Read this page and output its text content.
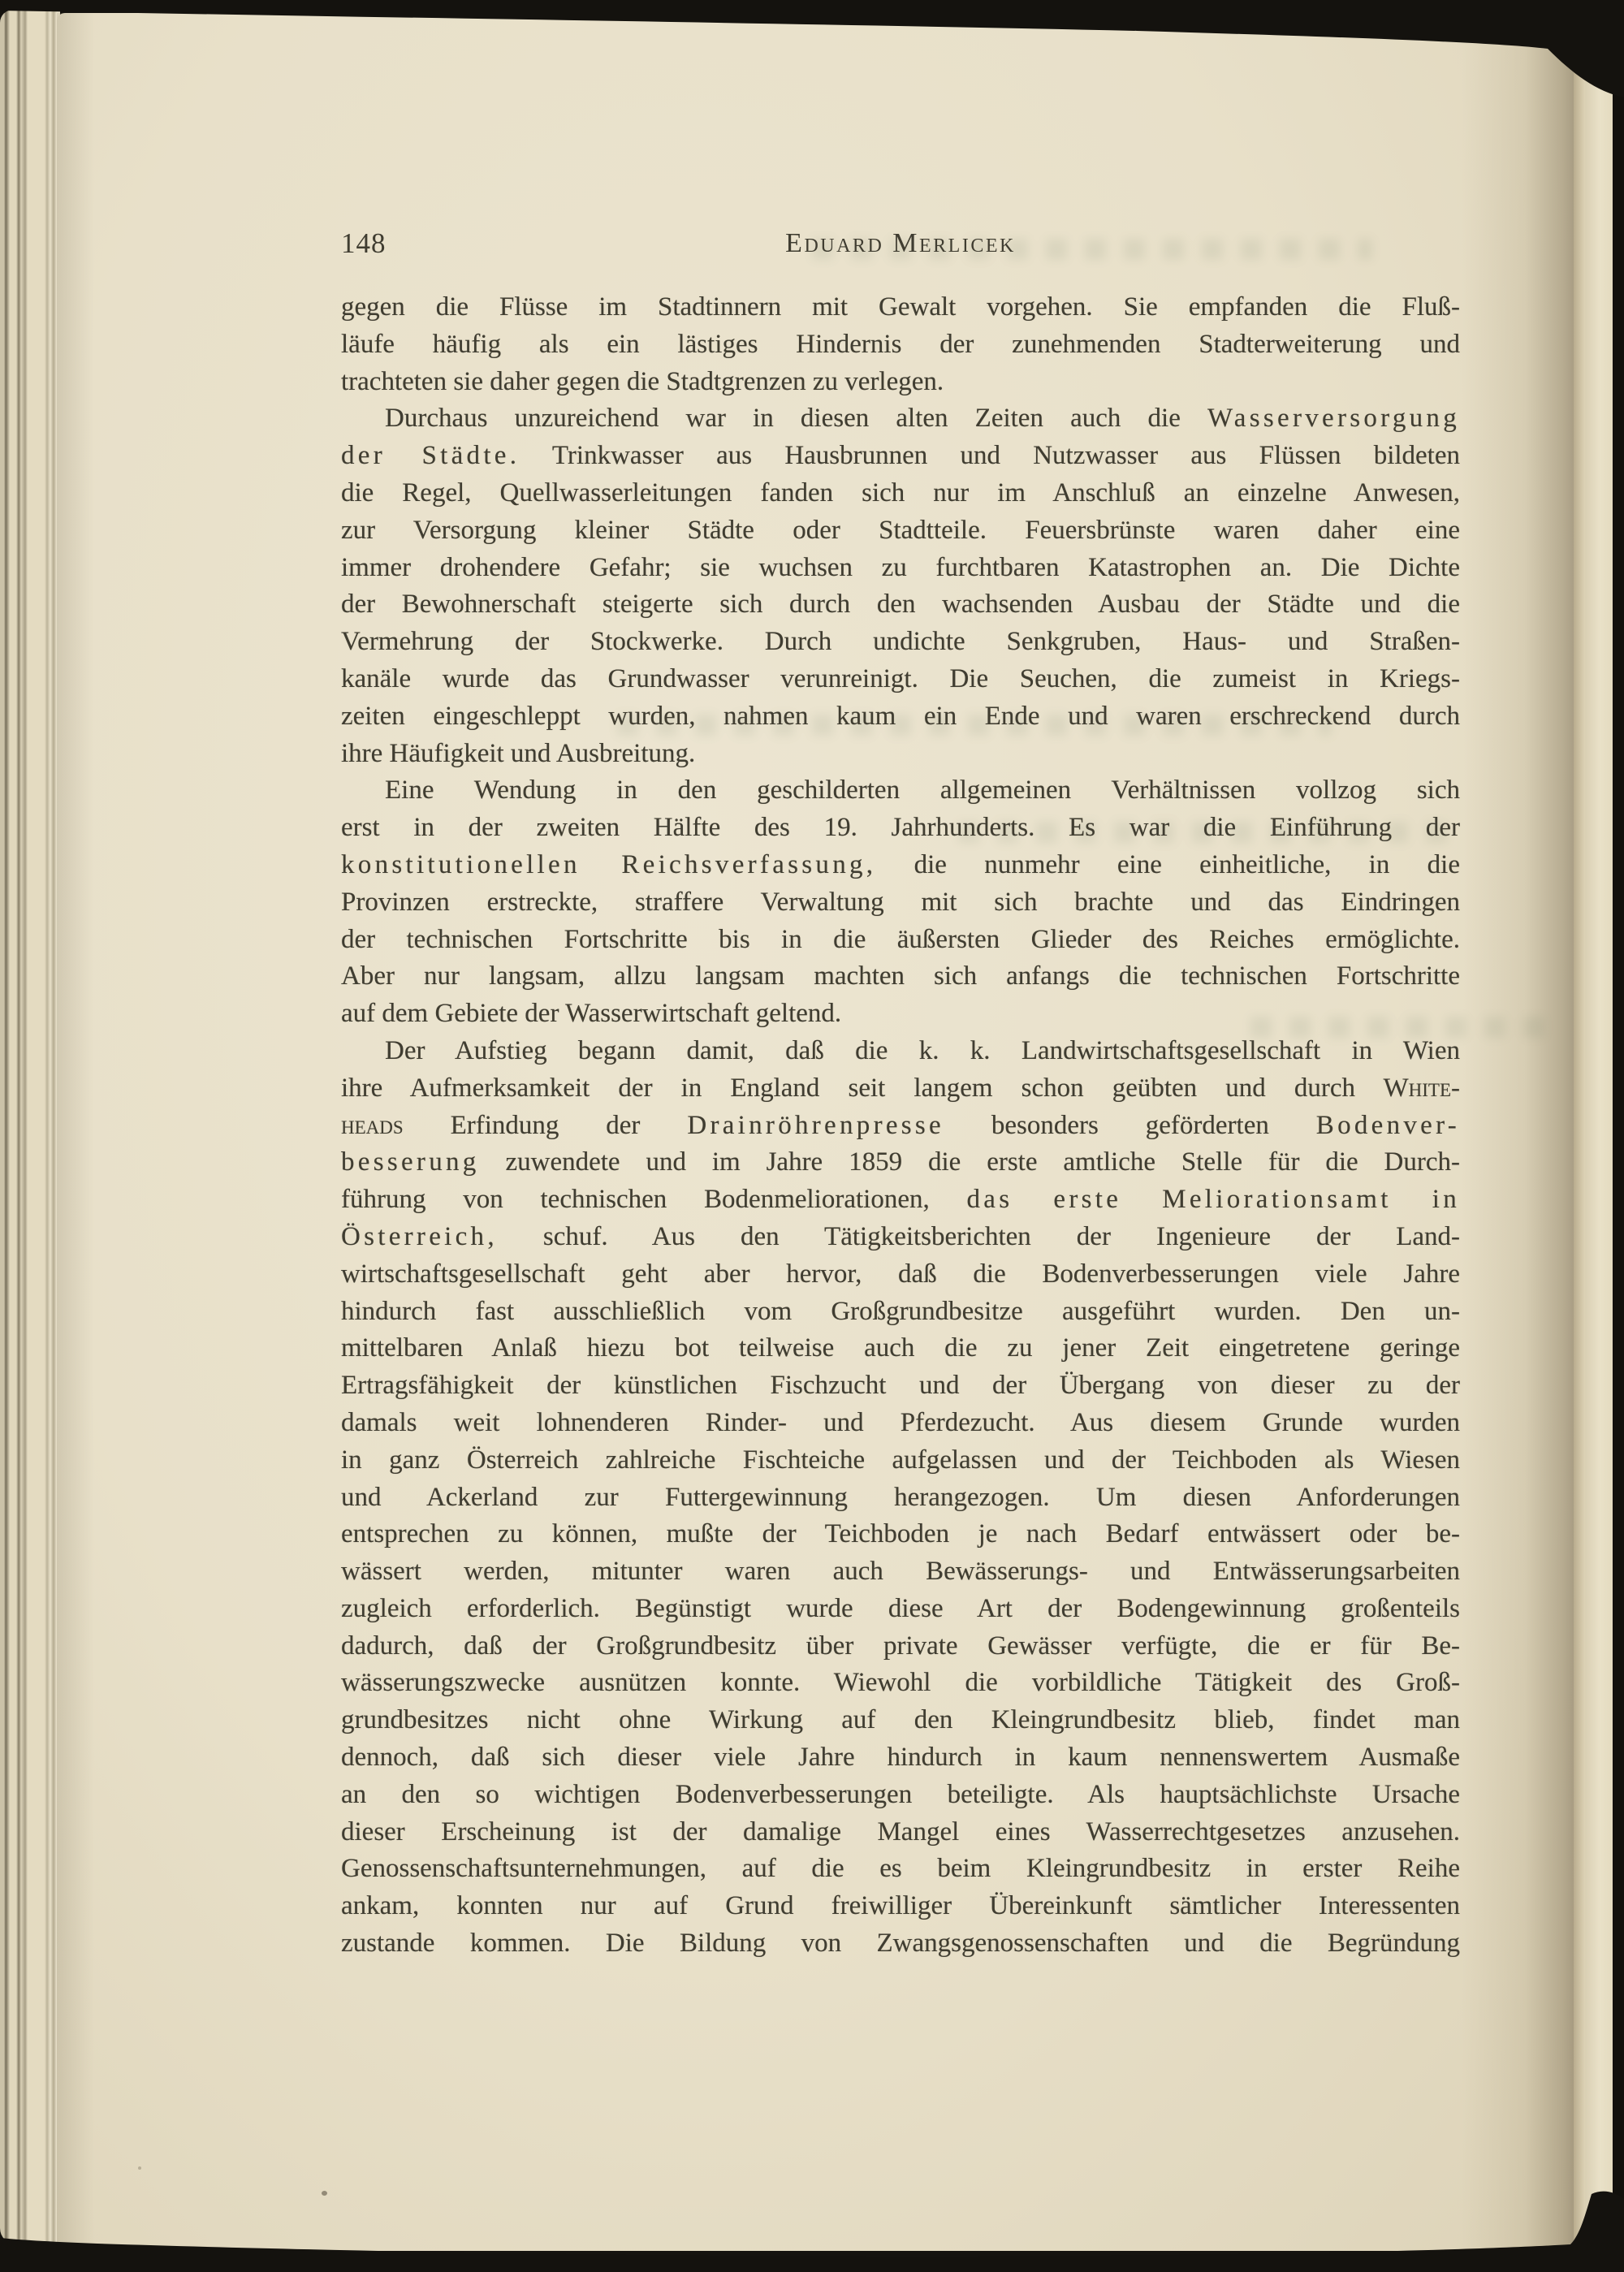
148	Eduard Merlicek
gegen die Flüsse im Stadtinnern mit Gewalt vorgehen. Sie empfanden die Fluß-
läufe häufig als ein lästiges Hindernis der zunehmenden Stadterweiterung und
trachteten sie daher gegen die Stadtgrenzen zu verlegen.
Durchaus unzureichend war in diesen alten Zeiten auch die Wasserversorgung
der Städte. Trinkwasser aus Hausbrunnen und Nutzwasser aus Flüssen bildeten
die Regel, Quellwasserleitungen fanden sich nur im Anschluß an einzelne Anwesen,
zur Versorgung kleiner Städte oder Stadtteile. Feuersbrünste waren daher eine
immer drohendere Gefahr; sie wuchsen zu furchtbaren Katastrophen an. Die Dichte
der Bewohnerschaft steigerte sich durch den wachsenden Ausbau der Städte und die
Vermehrung der Stockwerke. Durch undichte Senkgruben, Haus- und Straßen-
kanäle wurde das Grundwasser verunreinigt. Die Seuchen, die zumeist in Kriegs-
zeiten eingeschleppt wurden, nahmen kaum ein Ende und waren erschreckend durch
ihre Häufigkeit und Ausbreitung.
Eine Wendung in den geschilderten allgemeinen Verhältnissen vollzog sich
erst in der zweiten Hälfte des 19. Jahrhunderts. Es war die Einführung der
konstitutionellen Reichsverfassung, die nunmehr eine einheitliche, in die
Provinzen erstreckte, straffere Verwaltung mit sich brachte und das Eindringen
der technischen Fortschritte bis in die äußersten Glieder des Reiches ermöglichte.
Aber nur langsam, allzu langsam machten sich anfangs die technischen Fortschritte
auf dem Gebiete der Wasserwirtschaft geltend.
Der Aufstieg begann damit, daß die k. k. Landwirtschaftsgesellschaft in Wien
ihre Aufmerksamkeit der in England seit langem schon geübten und durch White-
heads Erfindung der Drainröhrenpresse besonders geförderten Bodenver-
besserung zuwendete und im Jahre 1859 die erste amtliche Stelle für die Durch-
führung von technischen Bodenmeliorationen, das erste Meliorationsamt in
Österreich, schuf. Aus den Tätigkeitsberichten der Ingenieure der Land-
wirtschaftsgesellschaft geht aber hervor, daß die Bodenverbesserungen viele Jahre
hindurch fast ausschließlich vom Großgrundbesitze ausgeführt wurden. Den un-
mittelbaren Anlaß hiezu bot teilweise auch die zu jener Zeit eingetretene geringe
Ertragsfähigkeit der künstlichen Fischzucht und der Übergang von dieser zu der
damals weit lohnenderen Rinder- und Pferdezucht. Aus diesem Grunde wurden
in ganz Österreich zahlreiche Fischteiche aufgelassen und der Teichboden als Wiesen
und Ackerland zur Futtergewinnung herangezogen. Um diesen Anforderungen
entsprechen zu können, mußte der Teichboden je nach Bedarf entwässert oder be-
wässert werden, mitunter waren auch Bewässerungs- und Entwässerungsarbeiten
zugleich erforderlich. Begünstigt wurde diese Art der Bodengewinnung großenteils
dadurch, daß der Großgrundbesitz über private Gewässer verfügte, die er für Be-
wässerungszwecke ausnützen konnte. Wiewohl die vorbildliche Tätigkeit des Groß-
grundbesitzes nicht ohne Wirkung auf den Kleingrundbesitz blieb, findet man
dennoch, daß sich dieser viele Jahre hindurch in kaum nennenswertem Ausmaße
an den so wichtigen Bodenverbesserungen beteiligte. Als hauptsächlichste Ursache
dieser Erscheinung ist der damalige Mangel eines Wasserrechtgesetzes anzusehen.
Genossenschaftsunternehmungen, auf die es beim Kleingrundbesitz in erster Reihe
ankam, konnten nur auf Grund freiwilliger Übereinkunft sämtlicher Interessenten
zustande kommen. Die Bildung von Zwangsgenossenschaften und die Begründung
